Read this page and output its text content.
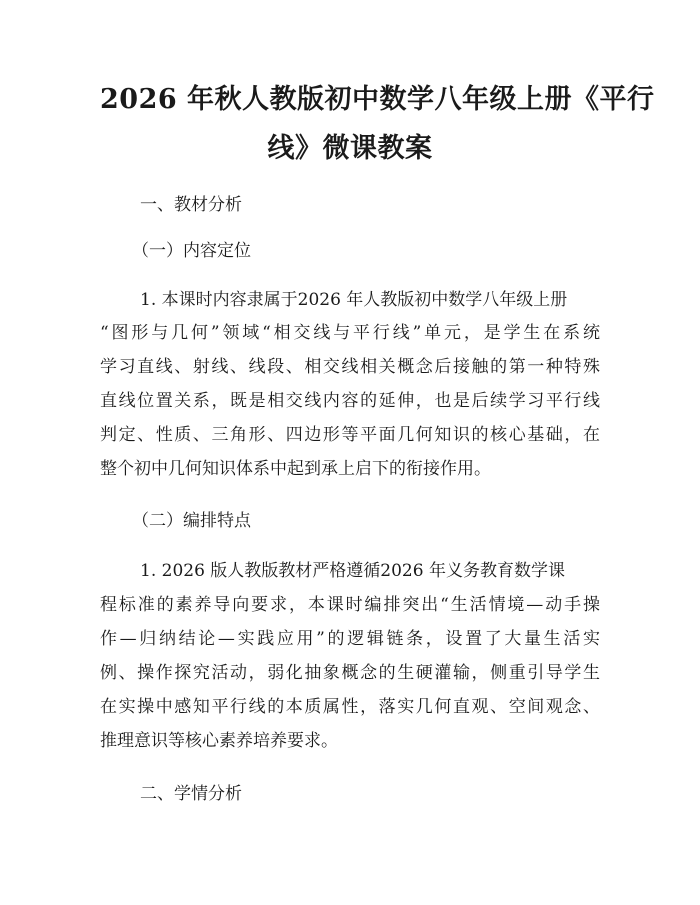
2026 年秋人教版初中数学八年级上册《平行
线》微课教案
一、教材分析
（一）内容定位
1. 本课时内容隶属于2026 年人教版初中数学八年级上册
“图形与几何”领域“相交线与平行线”单元，是学生在系统
学习直线、射线、线段、相交线相关概念后接触的第一种特殊
直线位置关系，既是相交线内容的延伸，也是后续学习平行线
判定、性质、三角形、四边形等平面几何知识的核心基础，在
整个初中几何知识体系中起到承上启下的衔接作用。
（二）编排特点
1. 2026 版人教版教材严格遵循2026 年义务教育数学课
程标准的素养导向要求，本课时编排突出“生活情境—动手操
作—归纳结论—实践应用”的逻辑链条，设置了大量生活实
例、操作探究活动，弱化抽象概念的生硬灌输，侧重引导学生
在实操中感知平行线的本质属性，落实几何直观、空间观念、
推理意识等核心素养培养要求。
二、学情分析
